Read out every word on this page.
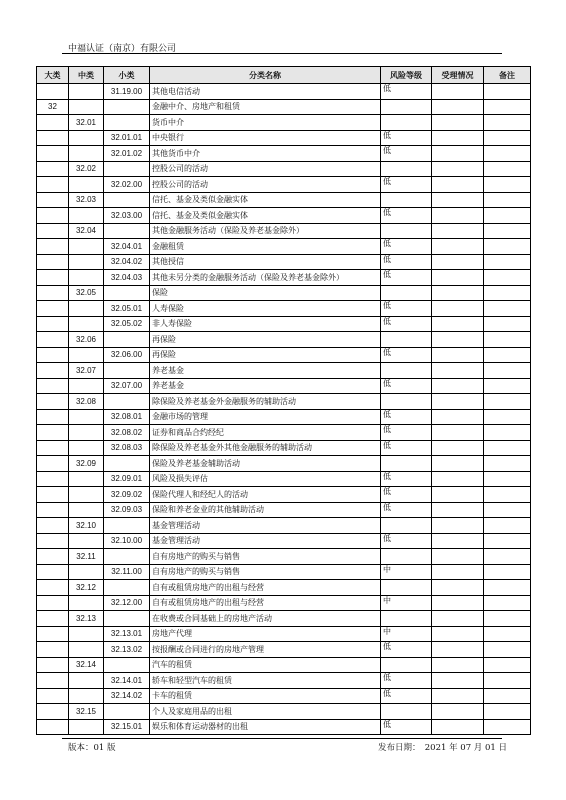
中福认证（南京）有限公司
大类	中类	小类	分类名称	风险等级	受理情况	备注
		31.19.00	其他电信活动	低		
32			金融中介、房地产和租赁			
	32.01		货币中介			
		32.01.01	中央银行	低		
		32.01.02	其他货币中介	低		
	32.02		控股公司的活动			
		32.02.00	控股公司的活动	低		
	32.03		信托、基金及类似金融实体			
		32.03.00	信托、基金及类似金融实体	低		
	32.04		其他金融服务活动（保险及养老基金除外）			
		32.04.01	金融租赁	低		
		32.04.02	其他授信	低		
		32.04.03	其他未另分类的金融服务活动（保险及养老基金除外）	低		
	32.05		保险			
		32.05.01	人寿保险	低		
		32.05.02	非人寿保险	低		
	32.06		再保险			
		32.06.00	再保险	低		
	32.07		养老基金			
		32.07.00	养老基金	低		
	32.08		除保险及养老基金外金融服务的辅助活动			
		32.08.01	金融市场的管理	低		
		32.08.02	证券和商品合约经纪	低		
		32.08.03	除保险及养老基金外其他金融服务的辅助活动	低		
	32.09		保险及养老基金辅助活动			
		32.09.01	风险及损失评估	低		
		32.09.02	保险代理人和经纪人的活动	低		
		32.09.03	保险和养老金业的其他辅助活动	低		
	32.10		基金管理活动			
		32.10.00	基金管理活动	低		
	32.11		自有房地产的购买与销售			
		32.11.00	自有房地产的购买与销售	中		
	32.12		自有或租赁房地产的出租与经营			
		32.12.00	自有或租赁房地产的出租与经营	中		
	32.13		在收费或合同基础上的房地产活动			
		32.13.01	房地产代理	中		
		32.13.02	按报酬或合同进行的房地产管理	低		
	32.14		汽车的租赁			
		32.14.01	轿车和轻型汽车的租赁	低		
		32.14.02	卡车的租赁	低		
	32.15		个人及家庭用品的出租			
		32.15.01	娱乐和体育运动器材的出租	低		
版本：01 版	发布日期：　2021 年 07 月 01 日
